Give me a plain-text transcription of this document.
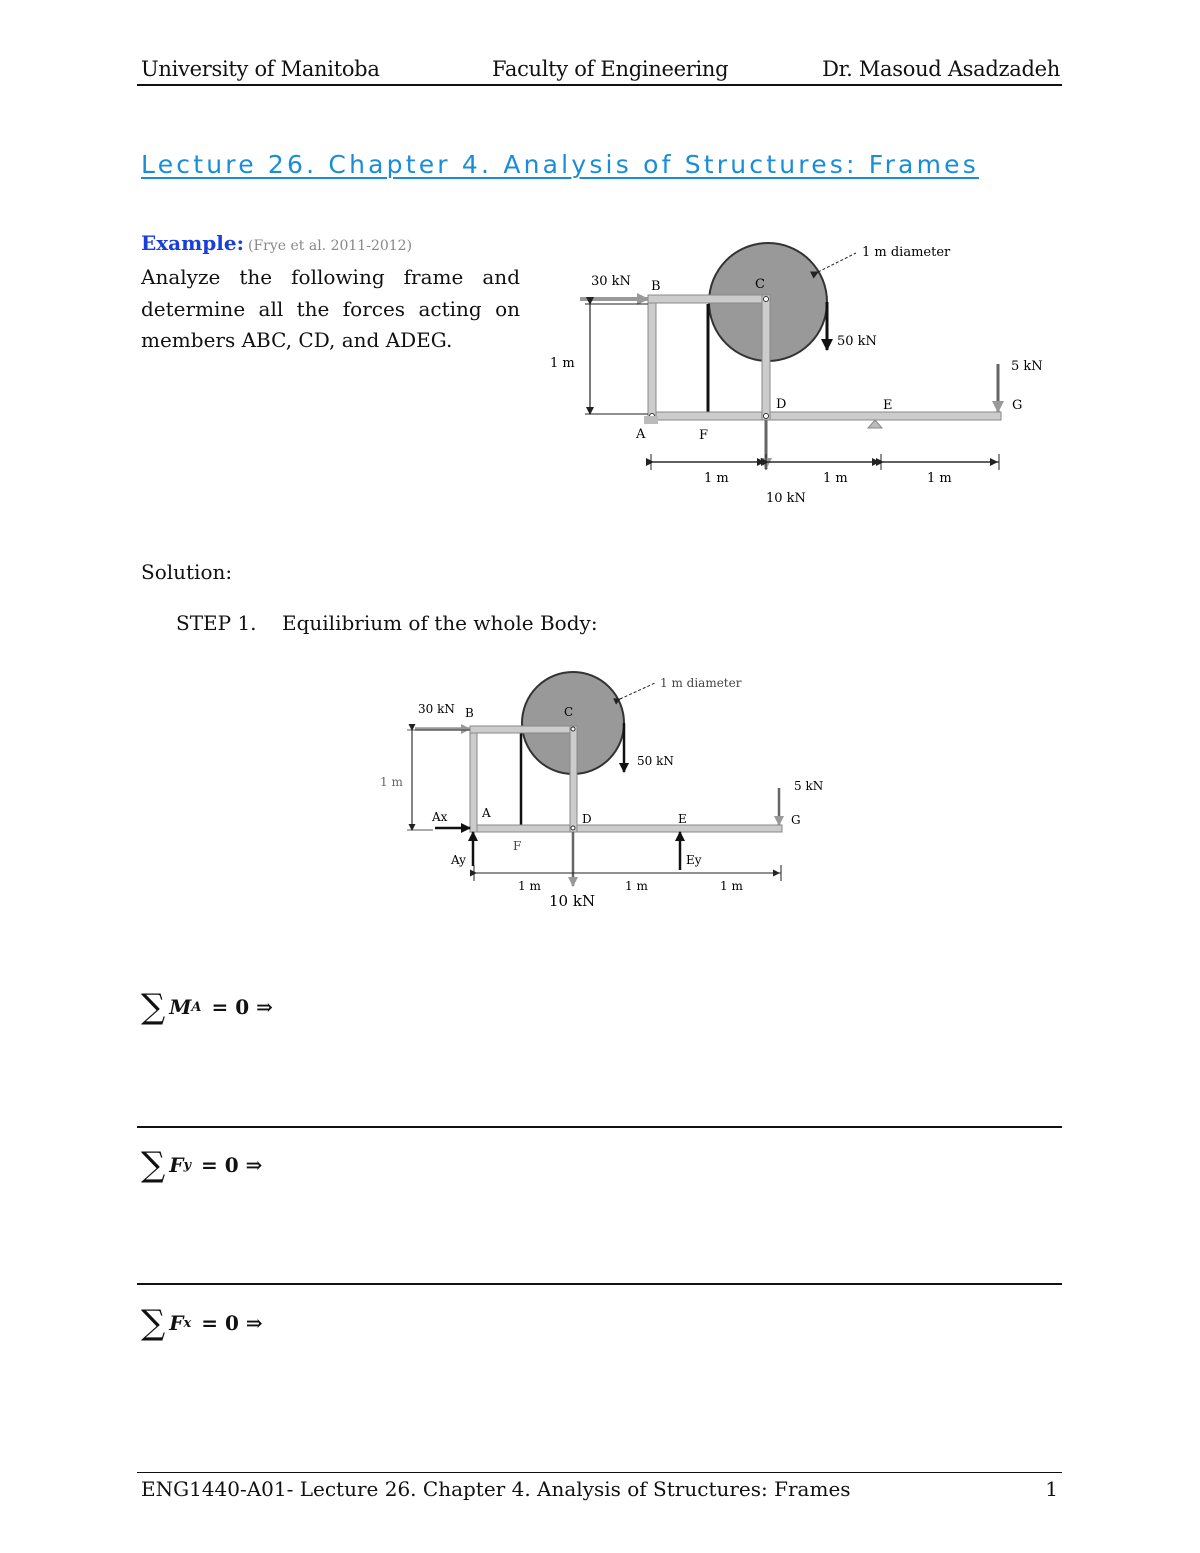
University of Manitoba	Faculty of Engineering	Dr. Masoud Asadzadeh
Lecture 26. Chapter 4. Analysis of Structures: Frames
Example: (Frye et al. 2011-2012)
Analyze the following frame and determine all the forces acting on members ABC, CD, and ADEG.
30 kN B	C
1 m diameter
50 kN
1 m	5 kN
D	E	G
A	F
1 m	1 m	1 m
10 kN
Solution:
STEP 1. Equilibrium of the whole Body:
30 kN B	C
1 m diameter
50 kN
1 m	5 kN
Ax	A	D	E	G
F
Ay	Ey
1 m	1 m	1 m
10 kN
∑ M A = 0 ⇒
∑ F y = 0 ⇒
∑ F x = 0 ⇒
ENG1440-A01- Lecture 26. Chapter 4. Analysis of Structures: Frames	1
